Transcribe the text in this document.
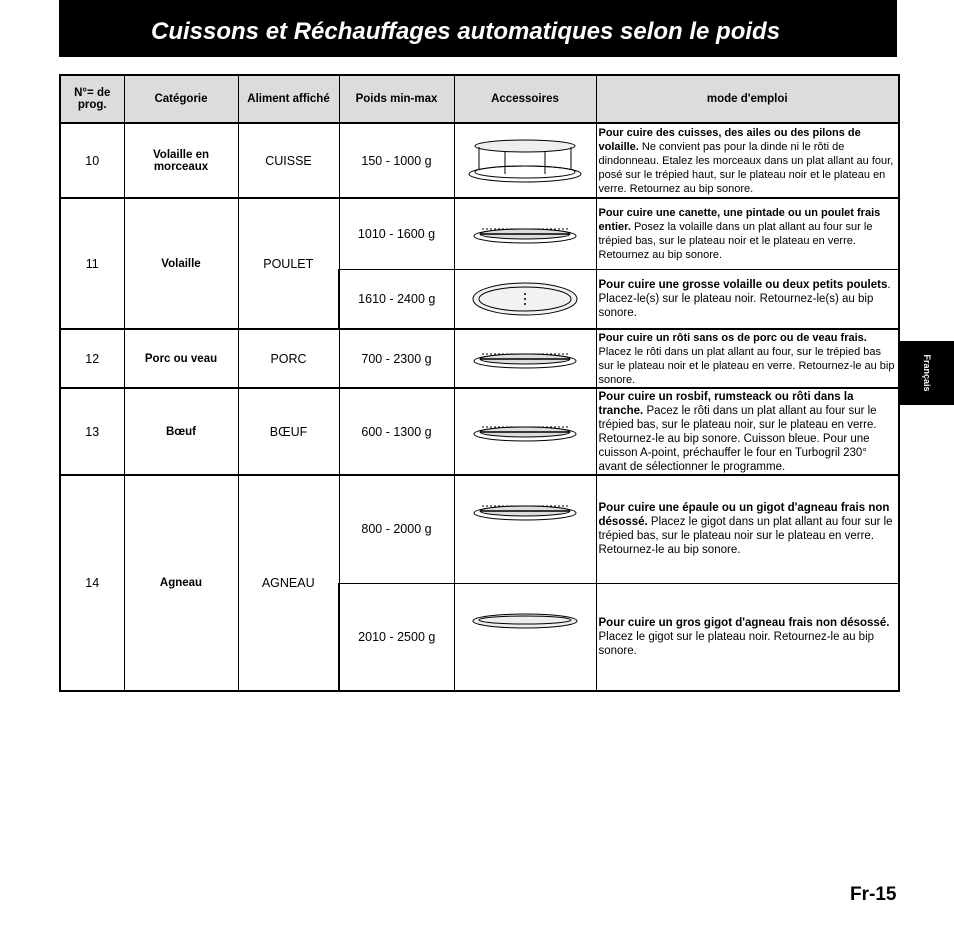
Cuissons et Réchauffages automatiques selon le poids
Français
N°= de prog.	Catégorie	Aliment affiché	Poids min-max	Accessoires	mode d'emploi
10	Volaille en morceaux	CUISSE	150 - 1000 g		Pour cuire des cuisses, des ailes ou des pilons de volaille. Ne convient pas pour la dinde ni le rôti de dindonneau. Etalez les morceaux dans un plat allant au four, posé sur le trépied haut, sur le plateau noir et le plateau en verre. Retournez au bip sonore.
11	Volaille	POULET	1010 - 1600 g		Pour cuire une canette, une pintade ou un poulet frais entier. Posez la volaille dans un plat allant au four sur le trépied bas, sur le plateau noir et le plateau en verre. Retournez au bip sonore.
			1610 - 2400 g		Pour cuire une grosse volaille ou deux petits poulets. Placez-le(s) sur le plateau noir. Retournez-le(s) au bip sonore.
12	Porc ou veau	PORC	700 - 2300 g		Pour cuire un rôti sans os de porc ou de veau frais. Placez le rôti dans un plat allant au four, sur le trépied bas sur le plateau noir et le plateau en verre. Retournez-le au bip sonore.
13	Bœuf	BŒUF	600 - 1300 g		Pour cuire un rosbif, rumsteack ou rôti dans la tranche. Pacez le rôti dans un plat allant au four sur le trépied bas, sur le plateau noir, sur le plateau en verre. Retournez-le au bip sonore. Cuisson bleue. Pour une cuisson A-point, préchauffer le four en Turbogril 230° avant de sélectionner le programme.
14	Agneau	AGNEAU	800 - 2000 g		Pour cuire une épaule ou un gigot d'agneau frais non désossé. Placez le gigot dans un plat allant au four sur le trépied bas, sur le plateau noir sur le plateau en verre. Retournez-le au bip sonore.
			2010 - 2500 g		Pour cuire un gros gigot d'agneau frais non désossé. Placez le gigot sur le plateau noir. Retournez-le au bip sonore.
Fr-15
